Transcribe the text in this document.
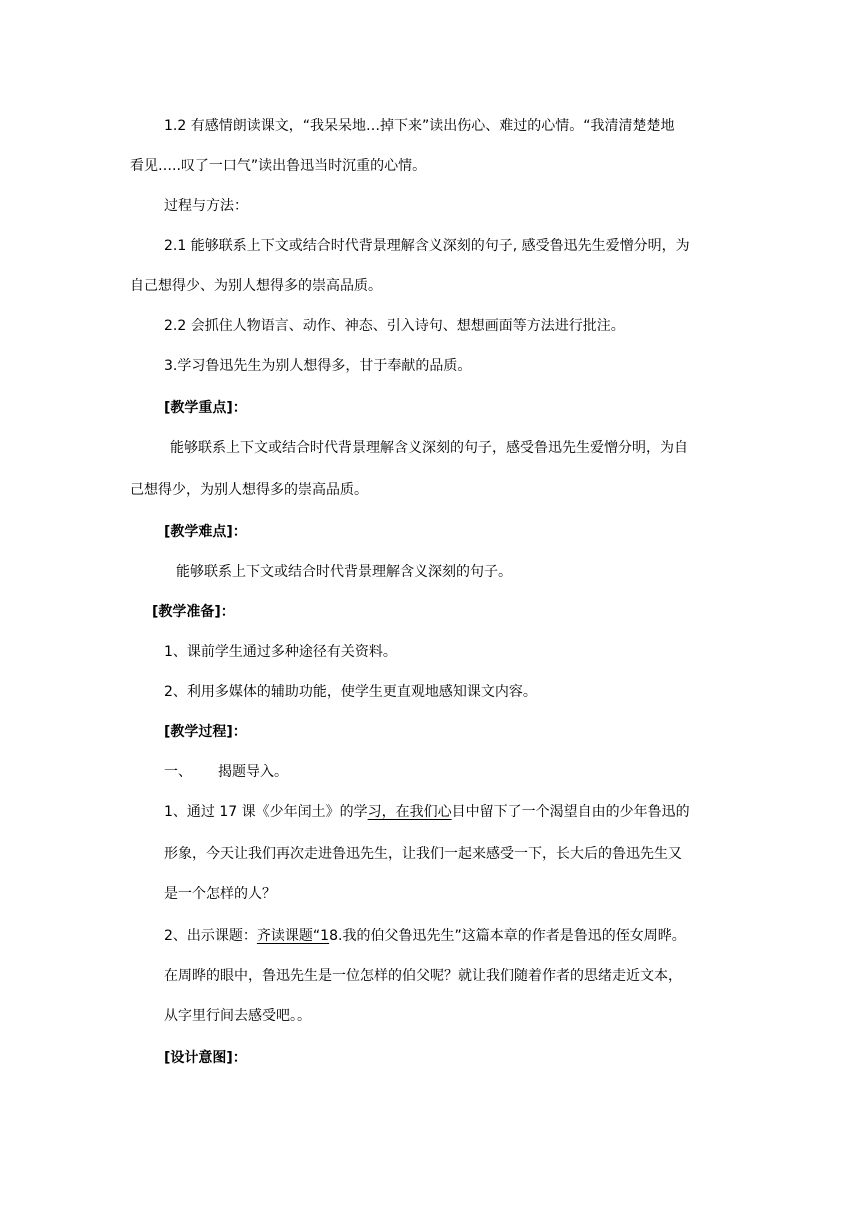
1.2 有感情朗读课文，“我呆呆地…掉下来”读出伤心、难过的心情。“我清清楚楚地

看见…..叹了一口气”读出鲁迅当时沉重的心情。

过程与方法：

2.1 能够联系上下文或结合时代背景理解含义深刻的句子, 感受鲁迅先生爱憎分明，为

自己想得少、为别人想得多的崇高品质。

2.2 会抓住人物语言、动作、神态、引入诗句、想想画面等方法进行批注。

3.学习鲁迅先生为别人想得多，甘于奉献的品质。

[教学重点]：

能够联系上下文或结合时代背景理解含义深刻的句子，感受鲁迅先生爱憎分明，为自

己想得少，为别人想得多的崇高品质。

[教学难点]：

能够联系上下文或结合时代背景理解含义深刻的句子。

[教学准备]：

1、课前学生通过多种途径有关资料。

2、利用多媒体的辅助功能，使学生更直观地感知课文内容。

[教学过程]：

一、 揭题导入。

1、通过 17 课《少年闰土》的学习，在我们心目中留下了一个渴望自由的少年鲁迅的

形象，今天让我们再次走进鲁迅先生，让我们一起来感受一下，长大后的鲁迅先生又

是一个怎样的人？

2、出示课题：齐读课题“18.我的伯父鲁迅先生”这篇本章的作者是鲁迅的侄女周晔。

在周晔的眼中，鲁迅先生是一位怎样的伯父呢？就让我们随着作者的思绪走近文本，

从字里行间去感受吧。。

[设计意图]：
